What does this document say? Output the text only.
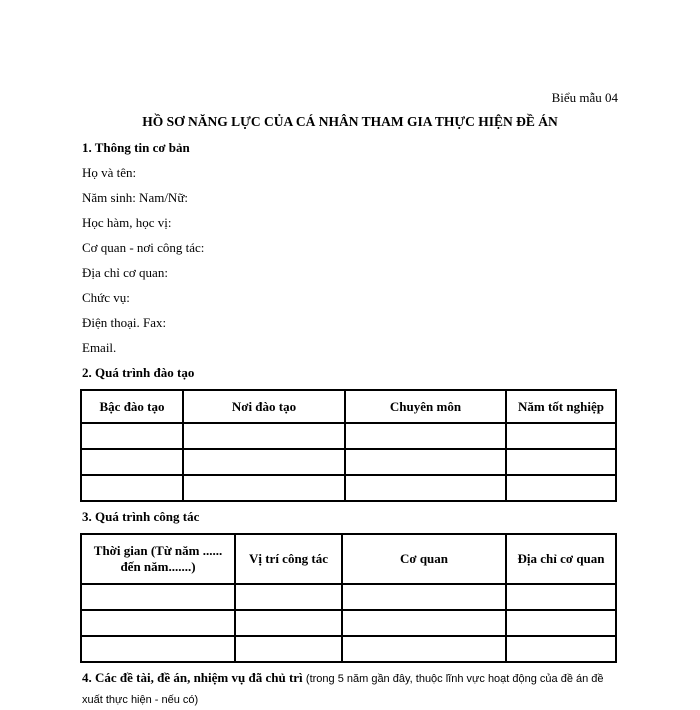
Biểu mẫu 04
HỒ SƠ NĂNG LỰC CỦA CÁ NHÂN THAM GIA THỰC HIỆN ĐỀ ÁN
1. Thông tin cơ bản
Họ và tên:
Năm sinh: Nam/Nữ:
Học hàm, học vị:
Cơ quan - nơi công tác:
Địa chỉ cơ quan:
Chức vụ:
Điện thoại. Fax:
Email.
2. Quá trình đào tạo
Bậc đào tạo	Nơi đào tạo	Chuyên môn	Năm tốt nghiệp

3. Quá trình công tác
Thời gian (Từ năm ...... đến năm.......)	Vị trí công tác	Cơ quan	Địa chỉ cơ quan

4. Các đề tài, đề án, nhiệm vụ đã chủ trì (trong 5 năm gần đây, thuộc lĩnh vực hoạt động của đề án đề xuất thực hiện - nếu có)
